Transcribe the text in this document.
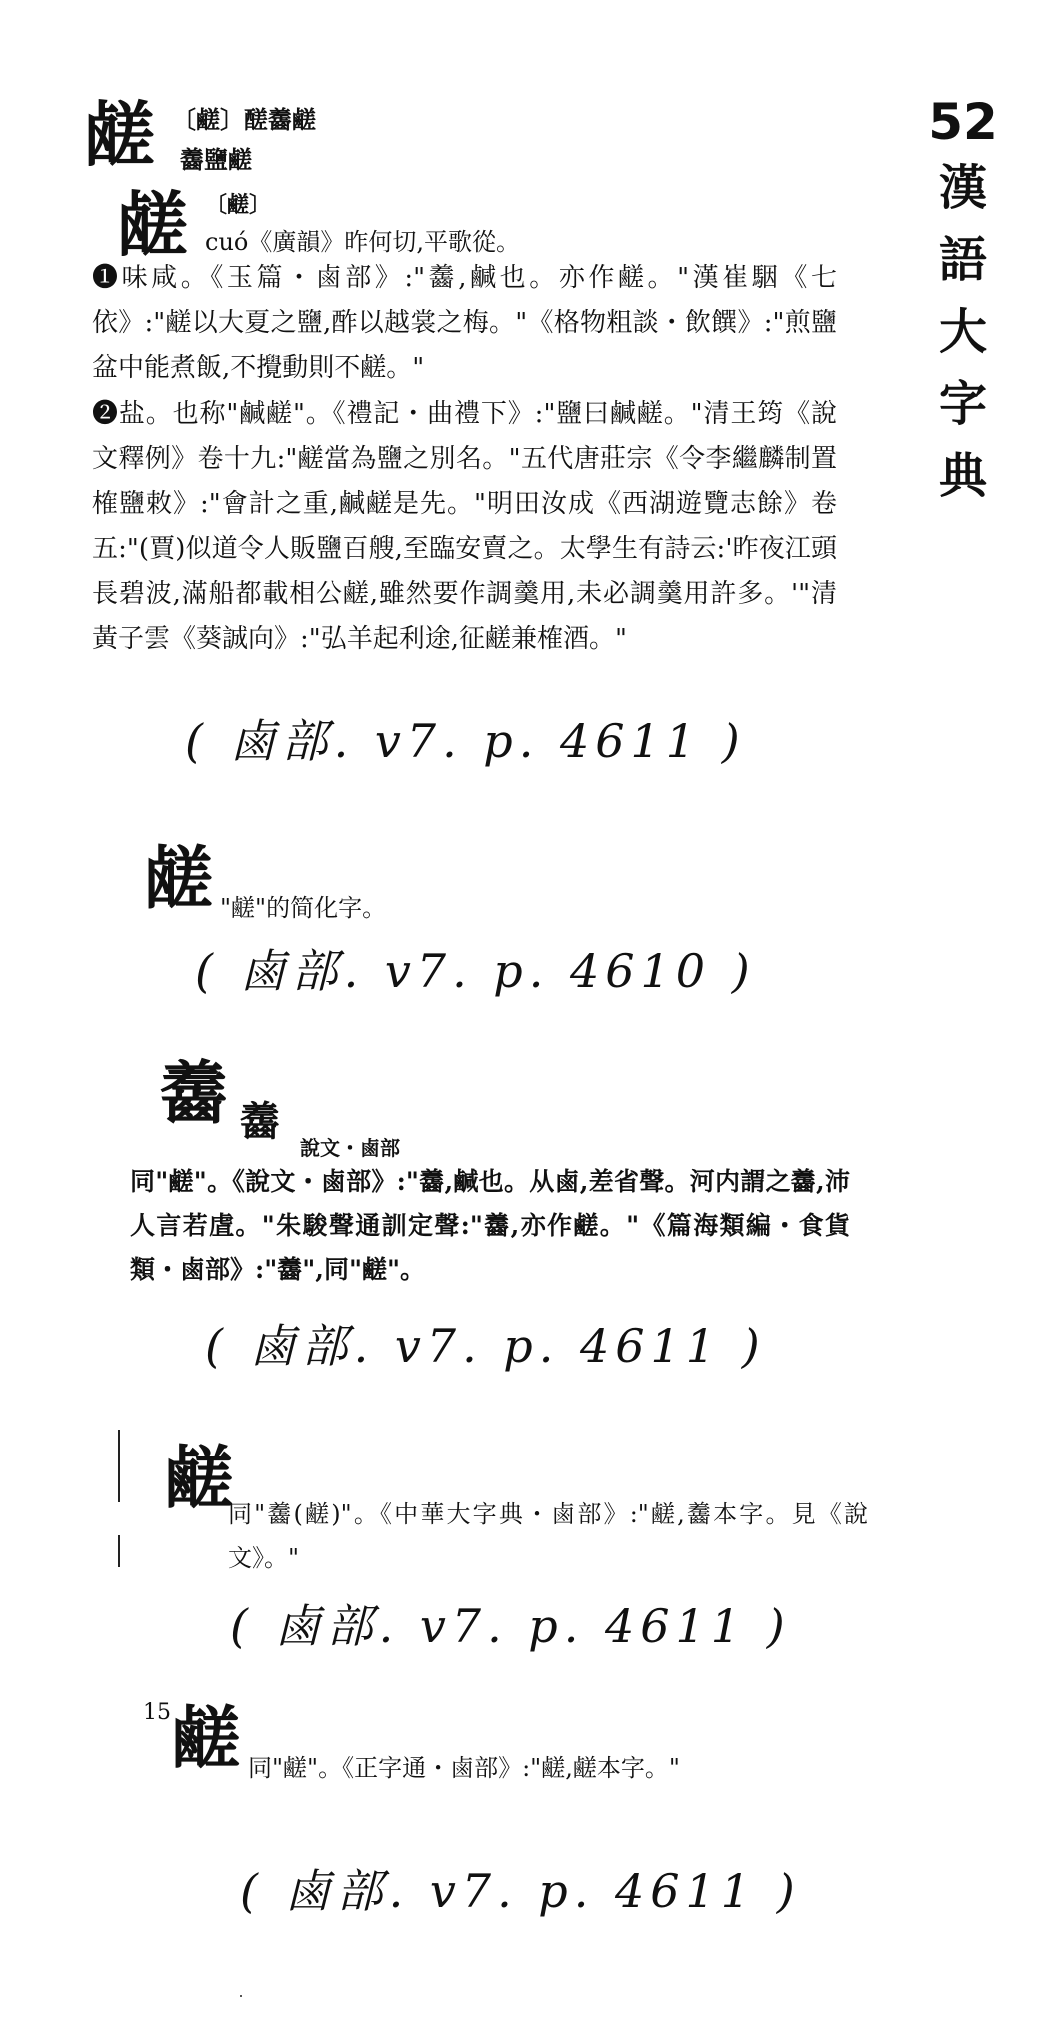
52
漢
語
大
字
典
鹾 〔鹺〕醝齹鹺
齹鹽鹺
鹾 〔鹺〕
cuó《廣韻》昨何切,平歌從。
❶味咸。《玉篇・鹵部》:"齹,鹹也。亦作鹺。"漢崔駰《七依》:"鹺以大夏之鹽,酢以越裳之梅。"《格物粗談・飲饌》:"煎鹽盆中能煮飯,不攪動則不鹺。"
❷盐。也称"鹹鹺"。《禮記・曲禮下》:"鹽曰鹹鹺。"清王筠《說文釋例》卷十九:"鹺當為鹽之別名。"五代唐莊宗《令李繼麟制置榷鹽敕》:"會計之重,鹹鹺是先。"明田汝成《西湖遊覽志餘》卷五:"(賈)似道令人販鹽百艘,至臨安賣之。太學生有詩云:'昨夜江頭長碧波,滿船都載相公鹺,雖然要作調羹用,未必調羹用許多。'"清黃子雲《葵誠向》:"弘羊起利途,征鹺兼榷酒。"
( 鹵部. v7. p. 4611 )
鹾 "鹺"的简化字。
( 鹵部. v7. p. 4610 )
齹 齹
說文・鹵部
同"鹺"。《說文・鹵部》:"齹,鹹也。从鹵,差省聲。河内謂之齹,沛人言若虘。"朱駿聲通訓定聲:"齹,亦作鹺。"《篇海類編・食貨類・鹵部》:"齹",同"鹺"。
( 鹵部. v7. p. 4611 )
鹺
同"齹(鹺)"。《中華大字典・鹵部》:"鹺,齹本字。見《說文》。"
( 鹵部. v7. p. 4611 )
15 鹺 同"鹺"。《正字通・鹵部》:"鹺,鹺本字。"
( 鹵部. v7. p. 4611 )
